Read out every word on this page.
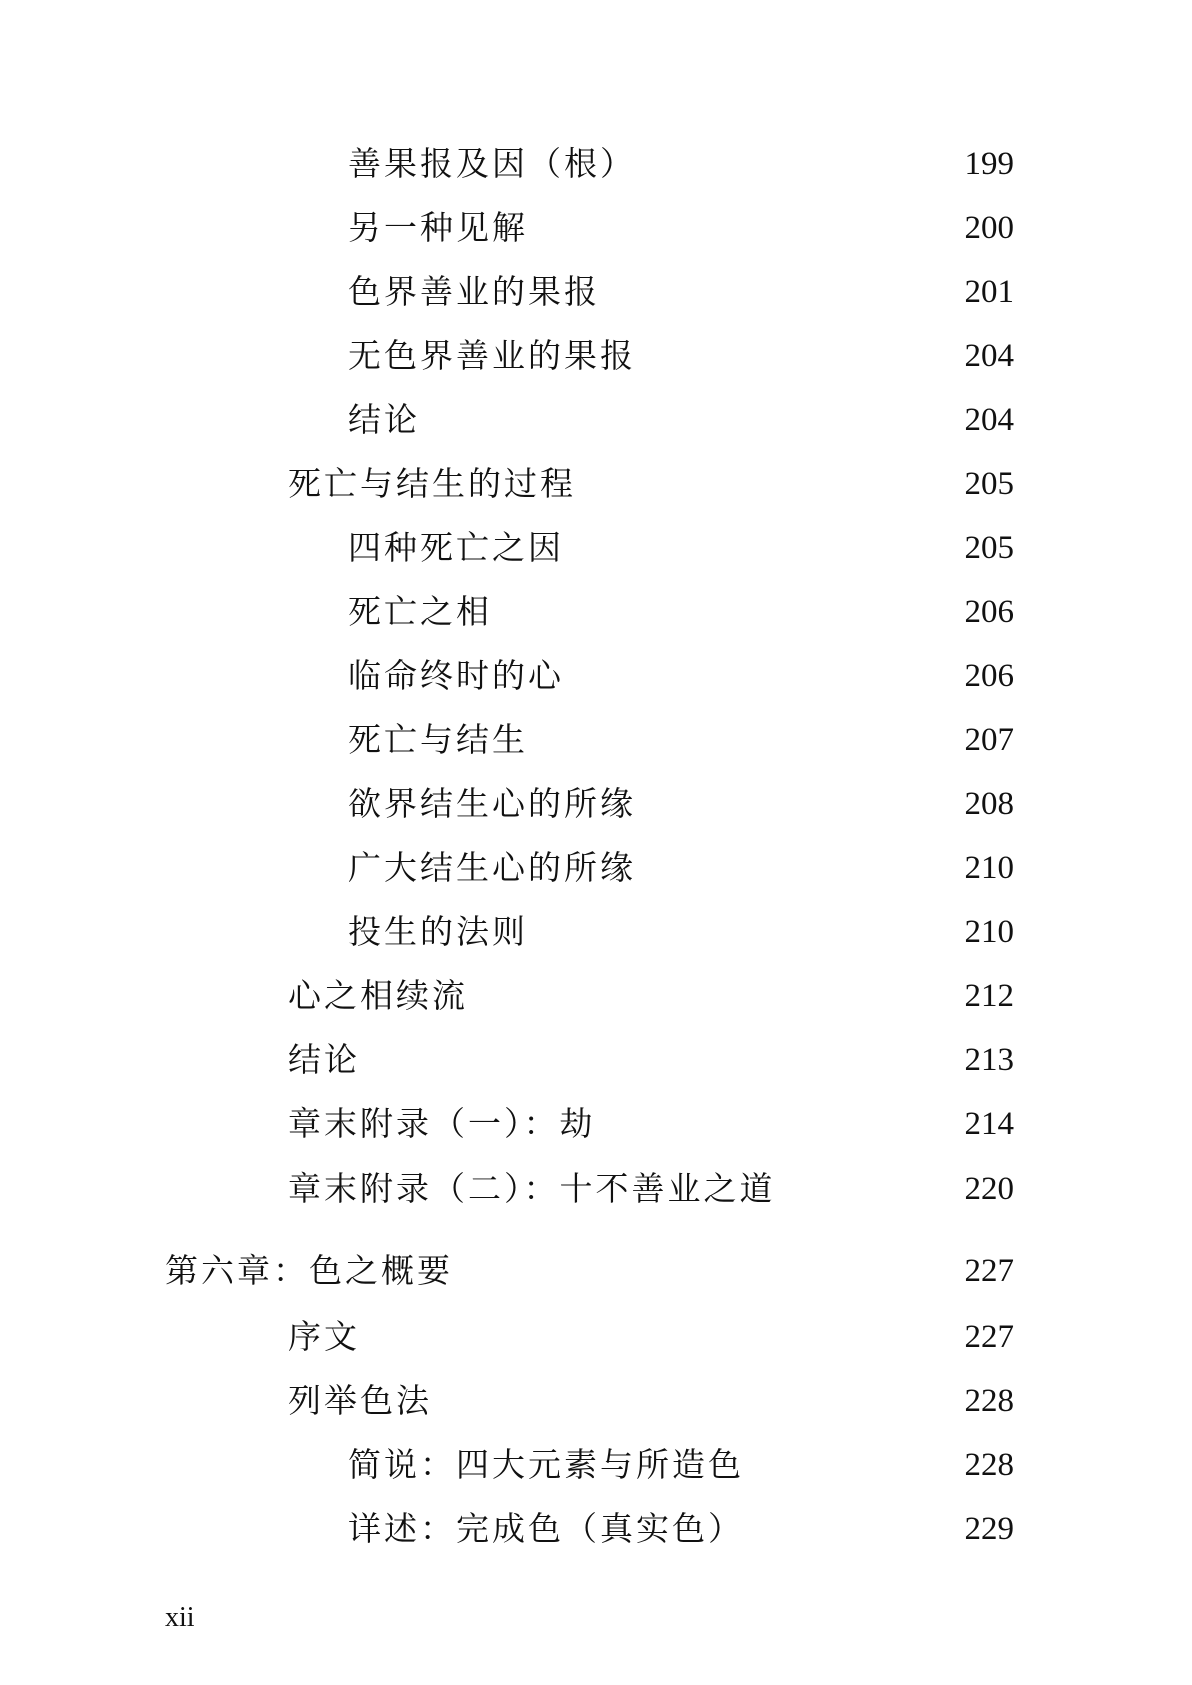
善果报及因（根）	199
另一种见解	200
色界善业的果报	201
无色界善业的果报	204
结论	204
死亡与结生的过程	205
四种死亡之因	205
死亡之相	206
临命终时的心	206
死亡与结生	207
欲界结生心的所缘	208
广大结生心的所缘	210
投生的法则	210
心之相续流	212
结论	213
章末附录（一）：劫	214
章末附录（二）：十不善业之道	220
第六章：色之概要	227
序文	227
列举色法	228
简说：四大元素与所造色	228
详述：完成色（真实色）	229
xii
